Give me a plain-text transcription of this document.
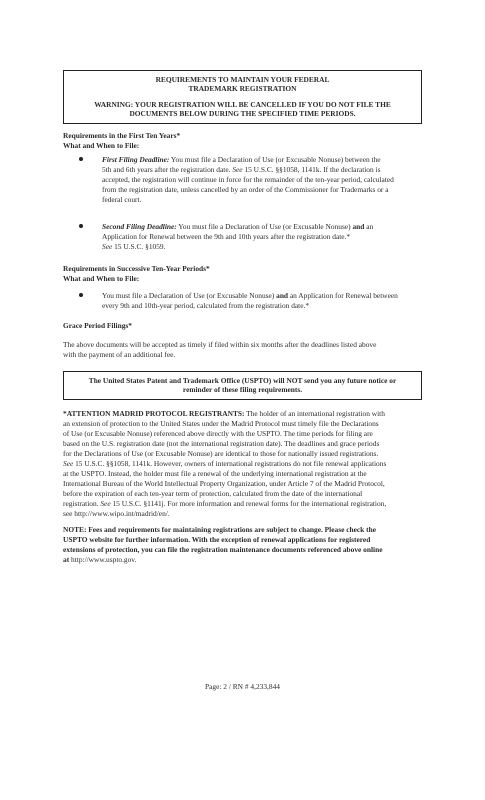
REQUIREMENTS TO MAINTAIN YOUR FEDERAL
TRADEMARK REGISTRATION
WARNING: YOUR REGISTRATION WILL BE CANCELLED IF YOU DO NOT FILE THE
DOCUMENTS BELOW DURING THE SPECIFIED TIME PERIODS.
Requirements in the First Ten Years*
What and When to File:
First Filing Deadline: You must file a Declaration of Use (or Excusable Nonuse) between the
5th and 6th years after the registration date. See 15 U.S.C. §§1058, 1141k. If the declaration is
accepted, the registration will continue in force for the remainder of the ten-year period, calculated
from the registration date, unless cancelled by an order of the Commissioner for Trademarks or a
federal court.
Second Filing Deadline: You must file a Declaration of Use (or Excusable Nonuse) and an
Application for Renewal between the 9th and 10th years after the registration date.*
See 15 U.S.C. §1059.
Requirements in Successive Ten-Year Periods*
What and When to File:
You must file a Declaration of Use (or Excusable Nonuse) and an Application for Renewal between
every 9th and 10th-year period, calculated from the registration date.*
Grace Period Filings*
The above documents will be accepted as timely if filed within six months after the deadlines listed above
with the payment of an additional fee.
The United States Patent and Trademark Office (USPTO) will NOT send you any future notice or
reminder of these filing requirements.
*ATTENTION MADRID PROTOCOL REGISTRANTS: The holder of an international registration with
an extension of protection to the United States under the Madrid Protocol must timely file the Declarations
of Use (or Excusable Nonuse) referenced above directly with the USPTO. The time periods for filing are
based on the U.S. registration date (not the international registration date). The deadlines and grace periods
for the Declarations of Use (or Excusable Nonuse) are identical to those for nationally issued registrations.
See 15 U.S.C. §§1058, 1141k. However, owners of international registrations do not file renewal applications
at the USPTO. Instead, the holder must file a renewal of the underlying international registration at the
International Bureau of the World Intellectual Property Organization, under Article 7 of the Madrid Protocol,
before the expiration of each ten-year term of protection, calculated from the date of the international
registration. See 15 U.S.C. §1141j. For more information and renewal forms for the international registration,
see http://www.wipo.int/madrid/en/.
NOTE: Fees and requirements for maintaining registrations are subject to change. Please check the
USPTO website for further information. With the exception of renewal applications for registered
extensions of protection, you can file the registration maintenance documents referenced above online
at http://www.uspto.gov.
Page: 2 / RN # 4,233,844
